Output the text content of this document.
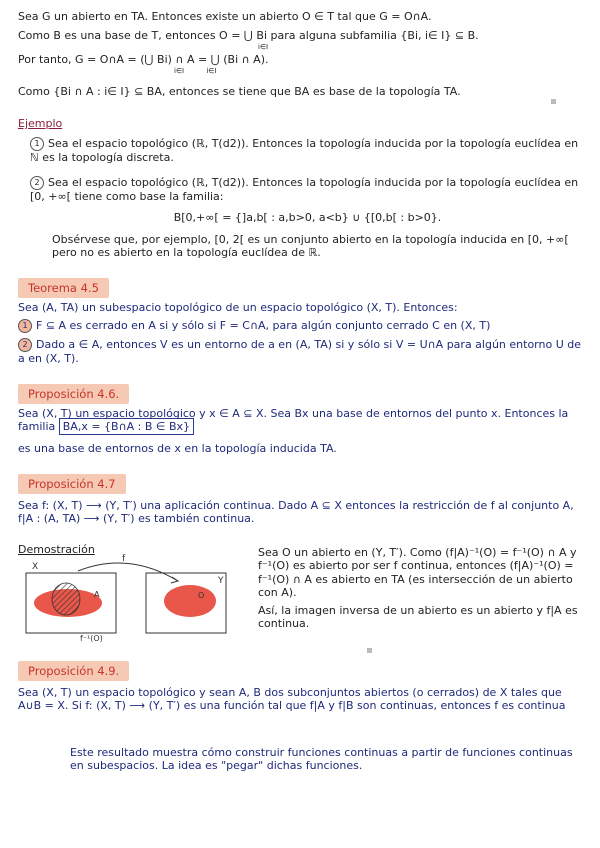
Sea G un abierto en TA. Entonces existe un abierto O ∈ T tal que G = O∩A.
Como B es una base de T, entonces O = ⋃ Bi para alguna subfamilia {Bi, i∈ I} ⊆ B.
i∈I
Por tanto, G = O∩A = (⋃ Bi) ∩ A = ⋃ (Bi ∩ A).
i∈I          i∈I
Como {Bi ∩ A : i∈ I} ⊆ BA, entonces se tiene que BA es base de la topología TA.
Ejemplo
1 Sea el espacio topológico (ℝ, T(d2)). Entonces la topología inducida por la topología euclídea en ℕ es la topología discreta.
2 Sea el espacio topológico (ℝ, T(d2)). Entonces la topología inducida por la topología euclídea en [0, +∞[ tiene como base la familia:
B[0,+∞[ = {]a,b[ : a,b>0, a<b} ∪ {[0,b[ : b>0}.
Obsérvese que, por ejemplo, [0, 2[ es un conjunto abierto en la topología inducida en [0, +∞[ pero no es abierto en la topología euclídea de ℝ.
Teorema 4.5
Sea (A, TA) un subespacio topológico de un espacio topológico (X, T). Entonces:
1 F ⊆ A es cerrado en A si y sólo si F = C∩A, para algún conjunto cerrado C en (X, T)
2 Dado a ∈ A, entonces V es un entorno de a en (A, TA) si y sólo si V = U∩A para algún entorno U de a en (X, T).
Proposición 4.6.
Sea (X, T) un espacio topológico y x ∈ A ⊆ X. Sea Bx una base de entornos del punto x. Entonces la familia BA,x = {B∩A : B ∈ Bx}
es una base de entornos de x en la topología inducida TA.
Proposición 4.7
Sea f: (X, T) ⟶ (Y, T′) una aplicación continua. Dado A ⊆ X entonces la restricción de f al conjunto A, f|A : (A, TA) ⟶ (Y, T′) es también continua.
Demostración
X
Y
A	O
f
f⁻¹(O)
Sea O un abierto en (Y, T′). Como (f|A)⁻¹(O) = f⁻¹(O) ∩ A y f⁻¹(O) es abierto por ser f continua, entonces (f|A)⁻¹(O) = f⁻¹(O) ∩ A es abierto en TA (es intersección de un abierto con A).
Así, la imagen inversa de un abierto es un abierto y f|A es continua.
Proposición 4.9.
Sea (X, T) un espacio topológico y sean A, B dos subconjuntos abiertos (o cerrados) de X tales que A∪B = X. Si f: (X, T) ⟶ (Y, T′) es una función tal que f|A y f|B son continuas, entonces f es continua
Este resultado muestra cómo construir funciones continuas a partir de funciones continuas en subespacios. La idea es "pegar" dichas funciones.
